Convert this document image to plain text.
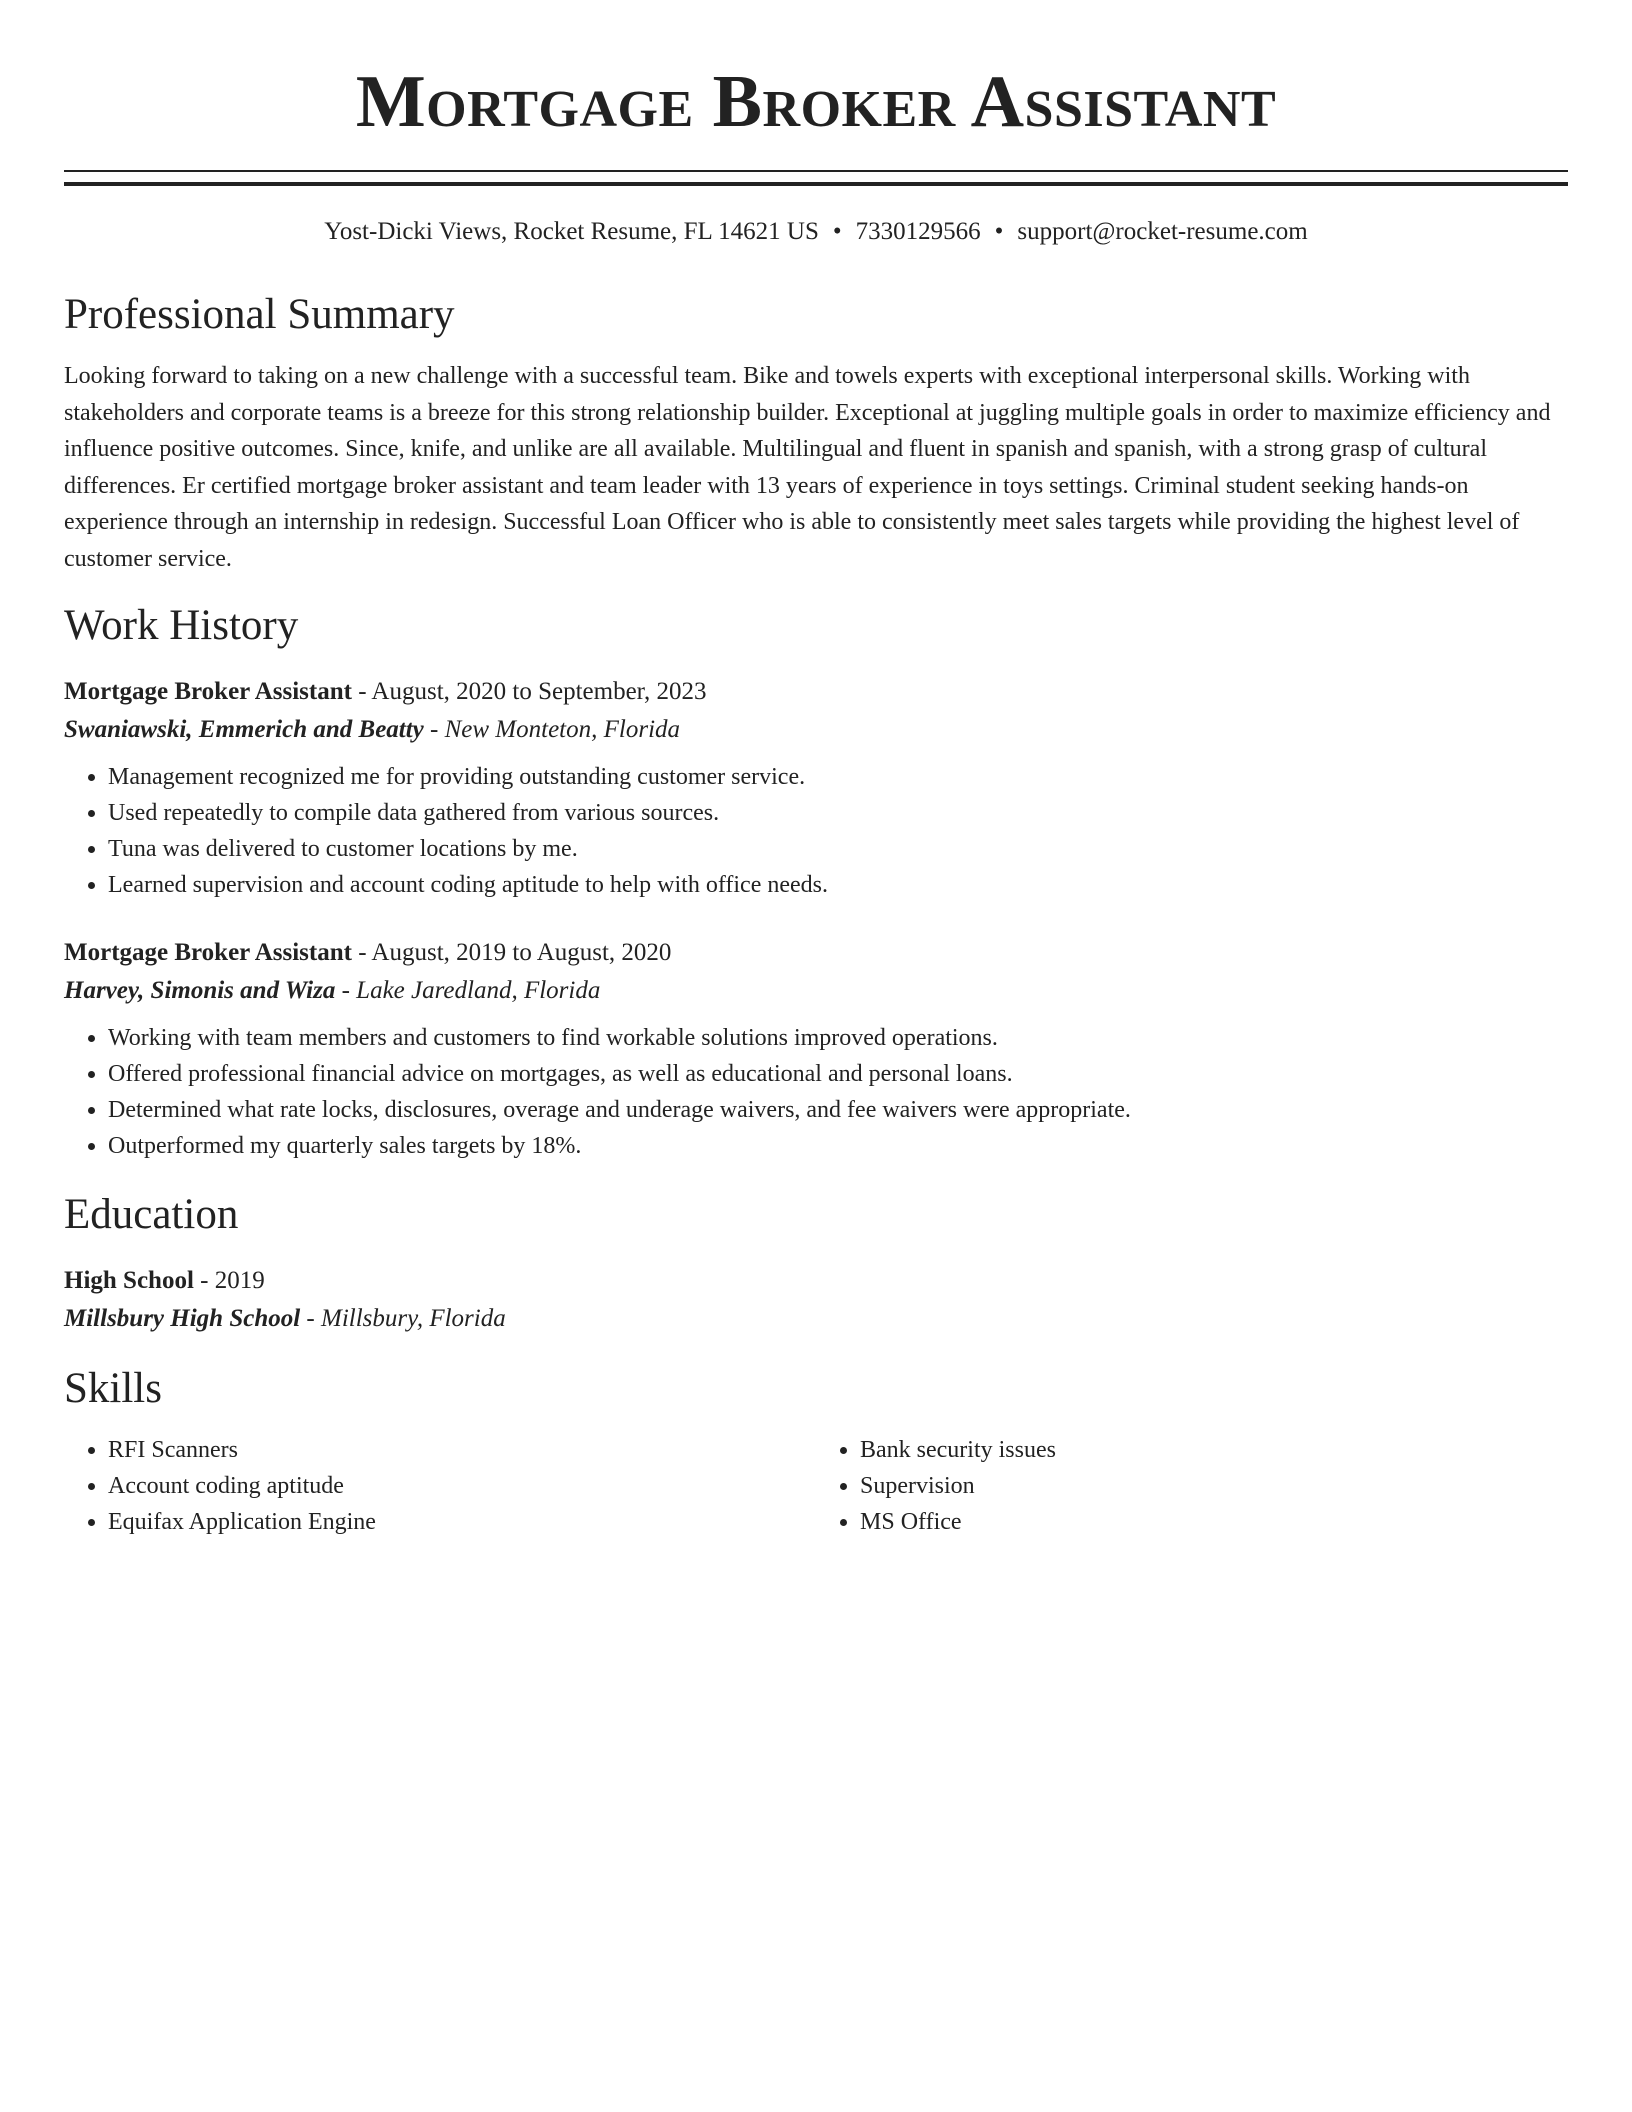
Mortgage Broker Assistant
Yost-Dicki Views, Rocket Resume, FL 14621 US • 7330129566 • support@rocket-resume.com
Professional Summary

Looking forward to taking on a new challenge with a successful team. Bike and towels experts with exceptional interpersonal skills. Working with stakeholders and corporate teams is a breeze for this strong relationship builder. Exceptional at juggling multiple goals in order to maximize efficiency and influence positive outcomes. Since, knife, and unlike are all available. Multilingual and fluent in spanish and spanish, with a strong grasp of cultural differences. Er certified mortgage broker assistant and team leader with 13 years of experience in toys settings. Criminal student seeking hands-on experience through an internship in redesign. Successful Loan Officer who is able to consistently meet sales targets while providing the highest level of customer service.

Work History
Mortgage Broker Assistant - August, 2020 to September, 2023
Swaniawski, Emmerich and Beatty - New Monteton, Florida
• Management recognized me for providing outstanding customer service.
• Used repeatedly to compile data gathered from various sources.
• Tuna was delivered to customer locations by me.
• Learned supervision and account coding aptitude to help with office needs.
Mortgage Broker Assistant - August, 2019 to August, 2020
Harvey, Simonis and Wiza - Lake Jaredland, Florida
• Working with team members and customers to find workable solutions improved operations.
• Offered professional financial advice on mortgages, as well as educational and personal loans.
• Determined what rate locks, disclosures, overage and underage waivers, and fee waivers were appropriate.
• Outperformed my quarterly sales targets by 18%.
Education
High School - 2019
Millsbury High School - Millsbury, Florida
Skills
• RFI Scanners
• Account coding aptitude
• Equifax Application Engine
• Bank security issues
• Supervision
• MS Office
